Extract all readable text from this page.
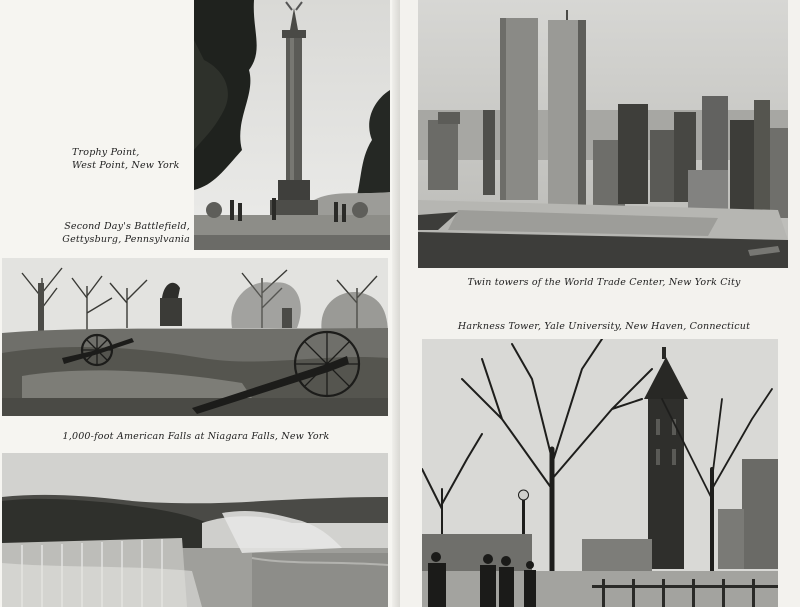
Trophy Point,
West Point, New York
Second Day's Battlefield,
Gettysburg, Pennsylvania
1,000-foot American Falls at Niagara Falls, New York
Twin towers of the World Trade Center, New York City
Harkness Tower, Yale University, New Haven, Connecticut
